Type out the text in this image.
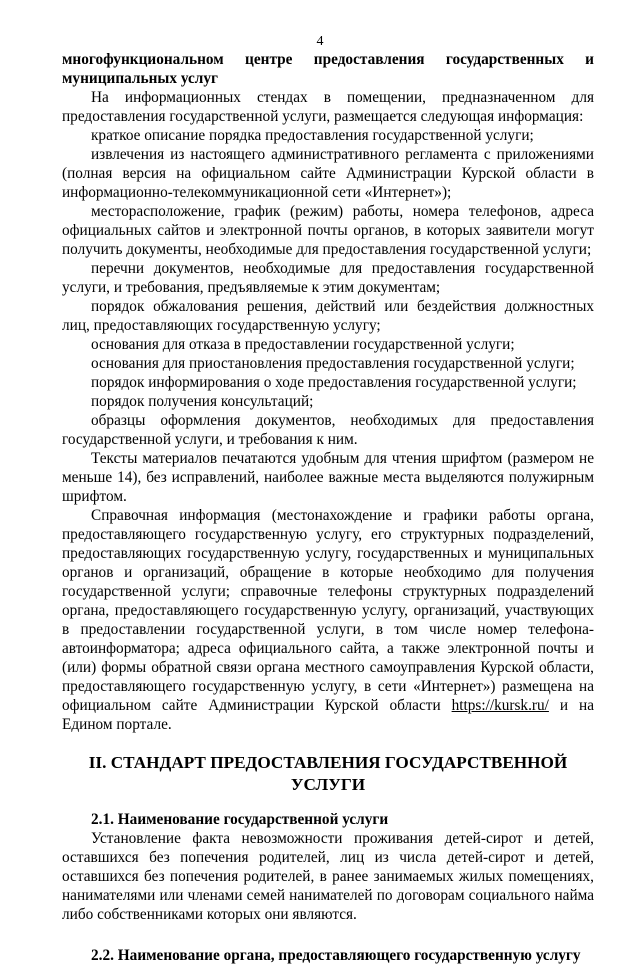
4

многофункциональном центре предоставления государственных и муниципальных услуг

На информационных стендах в помещении, предназначенном для предоставления государственной услуги, размещается следующая информация:

краткое описание порядка предоставления государственной услуги;

извлечения из настоящего административного регламента с приложениями (полная версия на официальном сайте Администрации Курской области в информационно-телекоммуникационной сети «Интернет»);

месторасположение, график (режим) работы, номера телефонов, адреса официальных сайтов и электронной почты органов, в которых заявители могут получить документы, необходимые для предоставления государственной услуги;

перечни документов, необходимые для предоставления государственной услуги, и требования, предъявляемые к этим документам;

порядок обжалования решения, действий или бездействия должностных лиц, предоставляющих государственную услугу;

основания для отказа в предоставлении государственной услуги;

основания для приостановления предоставления государственной услуги;

порядок информирования о ходе предоставления государственной услуги;

порядок получения консультаций;

образцы оформления документов, необходимых для предоставления государственной услуги, и требования к ним.

Тексты материалов печатаются удобным для чтения шрифтом (размером не меньше 14), без исправлений, наиболее важные места выделяются полужирным шрифтом.

Справочная информация (местонахождение и графики работы органа, предоставляющего государственную услугу, его структурных подразделений, предоставляющих государственную услугу, государственных и муниципальных органов и организаций, обращение в которые необходимо для получения государственной услуги; справочные телефоны структурных подразделений органа, предоставляющего государственную услугу, организаций, участвующих в предоставлении государственной услуги, в том числе номер телефона-автоинформатора; адреса официального сайта, а также электронной почты и (или) формы обратной связи органа местного самоуправления Курской области, предоставляющего государственную услугу, в сети «Интернет») размещена на официальном сайте Администрации Курской области https://kursk.ru/ и на Едином портале.

II. СТАНДАРТ ПРЕДОСТАВЛЕНИЯ ГОСУДАРСТВЕННОЙ УСЛУГИ

2.1. Наименование государственной услуги

Установление факта невозможности проживания детей-сирот и детей, оставшихся без попечения родителей, лиц из числа детей-сирот и детей, оставшихся без попечения родителей, в ранее занимаемых жилых помещениях, нанимателями или членами семей нанимателей по договорам социального найма либо собственниками которых они являются.

2.2. Наименование органа, предоставляющего государственную услугу
